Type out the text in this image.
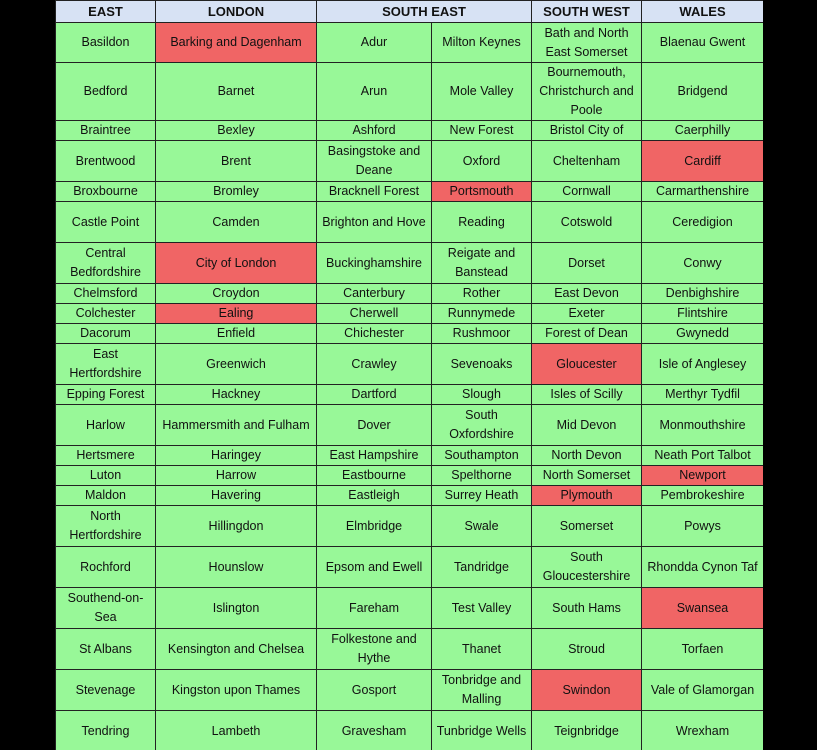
EAST	LONDON	SOUTH EAST		SOUTH WEST	WALES
Basildon	Barking and Dagenham	Adur	Milton Keynes	Bath and North East Somerset	Blaenau Gwent
Bedford	Barnet	Arun	Mole Valley	Bournemouth, Christchurch and Poole	Bridgend
Braintree	Bexley	Ashford	New Forest	Bristol City of	Caerphilly
Brentwood	Brent	Basingstoke and Deane	Oxford	Cheltenham	Cardiff
Broxbourne	Bromley	Bracknell Forest	Portsmouth	Cornwall	Carmarthenshire
Castle Point	Camden	Brighton and Hove	Reading	Cotswold	Ceredigion
Central Bedfordshire	City of London	Buckinghamshire	Reigate and Banstead	Dorset	Conwy
Chelmsford	Croydon	Canterbury	Rother	East Devon	Denbighshire
Colchester	Ealing	Cherwell	Runnymede	Exeter	Flintshire
Dacorum	Enfield	Chichester	Rushmoor	Forest of Dean	Gwynedd
East Hertfordshire	Greenwich	Crawley	Sevenoaks	Gloucester	Isle of Anglesey
Epping Forest	Hackney	Dartford	Slough	Isles of Scilly	Merthyr Tydfil
Harlow	Hammersmith and Fulham	Dover	South Oxfordshire	Mid Devon	Monmouthshire
Hertsmere	Haringey	East Hampshire	Southampton	North Devon	Neath Port Talbot
Luton	Harrow	Eastbourne	Spelthorne	North Somerset	Newport
Maldon	Havering	Eastleigh	Surrey Heath	Plymouth	Pembrokeshire
North Hertfordshire	Hillingdon	Elmbridge	Swale	Somerset	Powys
Rochford	Hounslow	Epsom and Ewell	Tandridge	South Gloucestershire	Rhondda Cynon Taf
Southend-on-Sea	Islington	Fareham	Test Valley	South Hams	Swansea
St Albans	Kensington and Chelsea	Folkestone and Hythe	Thanet	Stroud	Torfaen
Stevenage	Kingston upon Thames	Gosport	Tonbridge and Malling	Swindon	Vale of Glamorgan
Tendring	Lambeth	Gravesham	Tunbridge Wells	Teignbridge	Wrexham
